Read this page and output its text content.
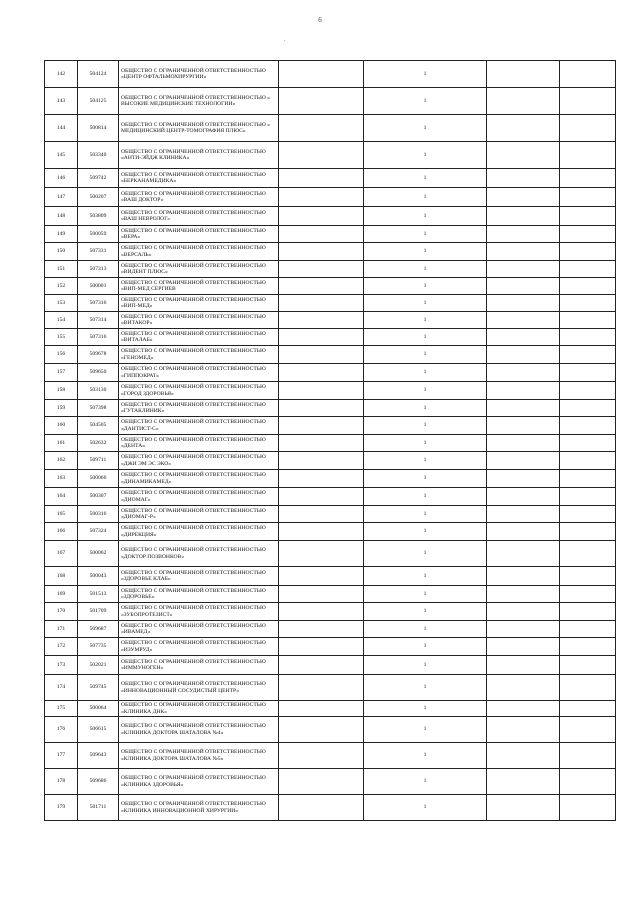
6
.
142	504124	ОБЩЕСТВО С ОГРАНИЧЕННОЙ ОТВЕТСТВЕННОСТЬЮ «ЦЕНТР ОФТАЛЬМОХИРУРГИИ»		1		
143	504125	ОБЩЕСТВО С ОГРАНИЧЕННОЙ ОТВЕТСТВЕННОСТЬЮ « ВЫСОКИЕ МЕДИЦИНСКИЕ ТЕХНОЛОГИИ»		1		
144	500814	ОБЩЕСТВО С ОГРАНИЧЕННОЙ ОТВЕТСТВЕННОСТЬЮ « МЕДИЦИНСКИЙ ЦЕНТР-ТОМОГРАФИЯ ПЛЮС»		1		
145	503340	ОБЩЕСТВО С ОГРАНИЧЕННОЙ ОТВЕТСТВЕННОСТЬЮ «АНТИ-ЭЙДЖ КЛИНИКА»		1		
146	509742	ОБЩЕСТВО С ОГРАНИЧЕННОЙ ОТВЕТСТВЕННОСТЬЮ «БЕРКАНАМЕДИКА»		1		
147	500207	ОБЩЕСТВО С ОГРАНИЧЕННОЙ ОТВЕТСТВЕННОСТЬЮ «ВАШ ДОКТОР»		1		
148	503809	ОБЩЕСТВО С ОГРАНИЧЕННОЙ ОТВЕТСТВЕННОСТЬЮ «ВАШ НЕВРОЛОГ»		1		
149	500059	ОБЩЕСТВО С ОГРАНИЧЕННОЙ ОТВЕТСТВЕННОСТЬЮ «ВЕРА»		1		
150	507331	ОБЩЕСТВО С ОГРАНИЧЕННОЙ ОТВЕТСТВЕННОСТЬЮ «ВЕРСАЛЬ»		1		
151	507313	ОБЩЕСТВО С ОГРАНИЧЕННОЙ ОТВЕТСТВЕННОСТЬЮ «ВИДЕНТ ПЛЮС»		1		
152	500001	ОБЩЕСТВО С ОГРАНИЧЕННОЙ ОТВЕТСТВЕННОСТЬЮ «ВИП-МЕД СЕРГИЕВ		1		
153	507316	ОБЩЕСТВО С ОГРАНИЧЕННОЙ ОТВЕТСТВЕННОСТЬЮ «ВИП-МЕД»		1		
154	507314	ОБЩЕСТВО С ОГРАНИЧЕННОЙ ОТВЕТСТВЕННОСТЬЮ «ВИТАКОР»		1		
155	507316	ОБЩЕСТВО С ОГРАНИЧЕННОЙ ОТВЕТСТВЕННОСТЬЮ «ВИТАЛАБ»		1		
156	509678	ОБЩЕСТВО С ОГРАНИЧЕННОЙ ОТВЕТСТВЕННОСТЬЮ «ГЕНОМЕД»		1		
157	509650	ОБЩЕСТВО С ОГРАНИЧЕННОЙ ОТВЕТСТВЕННОСТЬЮ «ГИППОКРАТ»		1		
158	503130	ОБЩЕСТВО С ОГРАНИЧЕННОЙ ОТВЕТСТВЕННОСТЬЮ «ГОРОД ЗДОРОВЬЯ»		1		
159	507398	ОБЩЕСТВО С ОГРАНИЧЕННОЙ ОТВЕТСТВЕННОСТЬЮ «ГУТАКЛИНИК»		1		
160	504505	ОБЩЕСТВО С ОГРАНИЧЕННОЙ ОТВЕТСТВЕННОСТЬЮ «ДАНТИСТ-С»		1		
161	502632	ОБЩЕСТВО С ОГРАНИЧЕННОЙ ОТВЕТСТВЕННОСТЬЮ «ДЕНТА»		1		
162	509711	ОБЩЕСТВО С ОГРАНИЧЕННОЙ ОТВЕТСТВЕННОСТЬЮ «ДЖИ ЭМ ЭС ЭКО»		1		
163	500066	ОБЩЕСТВО С ОГРАНИЧЕННОЙ ОТВЕТСТВЕННОСТЬЮ «ДИНАМИКАМЕД»		1		
164	500307	ОБЩЕСТВО С ОГРАНИЧЕННОЙ ОТВЕТСТВЕННОСТЬЮ «ДИОМАГ»		1		
165	500316	ОБЩЕСТВО С ОГРАНИЧЕННОЙ ОТВЕТСТВЕННОСТЬЮ «ДИОМАГ-Р»		1		
166	507324	ОБЩЕСТВО С ОГРАНИЧЕННОЙ ОТВЕТСТВЕННОСТЬЮ «ДИРЕКЦИЯ»		1		
167	500062	ОБЩЕСТВО С ОГРАНИЧЕННОЙ ОТВЕТСТВЕННОСТЬЮ «ДОКТОР ПОЗВОНКОВ»		1		
168	500043	ОБЩЕСТВО С ОГРАНИЧЕННОЙ ОТВЕТСТВЕННОСТЬЮ «ЗДОРОВЬЕ КЛАБ»		1		
169	501513	ОБЩЕСТВО С ОГРАНИЧЕННОЙ ОТВЕТСТВЕННОСТЬЮ «ЗДОРОВЬЕ»		1		
170	501709	ОБЩЕСТВО С ОГРАНИЧЕННОЙ ОТВЕТСТВЕННОСТЬЮ «ЗУБОПРОТЕЗИСТ»		1		
171	509687	ОБЩЕСТВО С ОГРАНИЧЕННОЙ ОТВЕТСТВЕННОСТЬЮ «ИВАМЕД»		1		
172	507735	ОБЩЕСТВО С ОГРАНИЧЕННОЙ ОТВЕТСТВЕННОСТЬЮ «ИЗУМРУД»		1		
173	502021	ОБЩЕСТВО С ОГРАНИЧЕННОЙ ОТВЕТСТВЕННОСТЬЮ «ИММУНОГЕН»		1		
174	509745	ОБЩЕСТВО С ОГРАНИЧЕННОЙ ОТВЕТСТВЕННОСТЬЮ «ИННОВАЦИОННЫЙ СОСУДИСТЫЙ ЦЕНТР»		1		
175	500064	ОБЩЕСТВО С ОГРАНИЧЕННОЙ ОТВЕТСТВЕННОСТЬЮ «КЛИНИКА ДНК»		1		
176	506615	ОБЩЕСТВО С ОГРАНИЧЕННОЙ ОТВЕТСТВЕННОСТЬЮ «КЛИНИКА ДОКТОРА ШАТАЛОВА №4»		1		
177	509643	ОБЩЕСТВО С ОГРАНИЧЕННОЙ ОТВЕТСТВЕННОСТЬЮ «КЛИНИКА ДОКТОРА ШАТАЛОВА №5»		1		
178	509686	ОБЩЕСТВО С ОГРАНИЧЕННОЙ ОТВЕТСТВЕННОСТЬЮ «КЛИНИКА ЗДОРОВЬЯ»		1		
179	501711	ОБЩЕСТВО С ОГРАНИЧЕННОЙ ОТВЕТСТВЕННОСТЬЮ «КЛИНИКА ИННОВАЦИОННОЙ ХИРУРГИИ»		1		
